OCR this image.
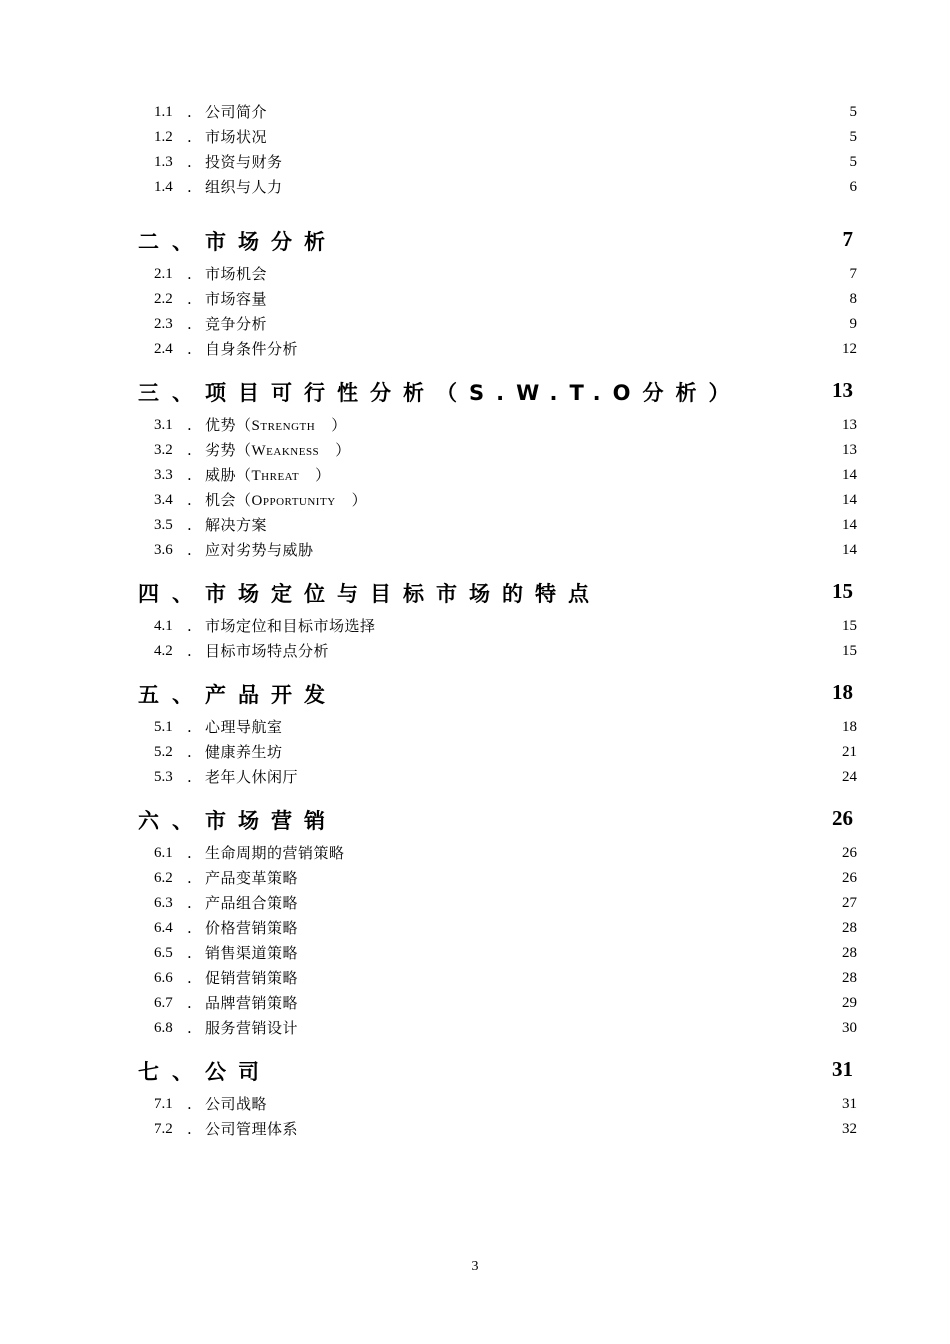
1.1 . 公司简介	5
1.2 . 市场状况	5
1.3 . 投资与财务	5
1.4 . 组织与人力	6
二、 市场分析	7
2.1 . 市场机会	7
2.2 . 市场容量	8
2.3 . 竞争分析	9
2.4 . 自身条件分析	12
三、 项目可行性分析（S.W.T.O分析）	13
3.1 . 优势（Strength ）	13
3.2 . 劣势（Weakness ）	13
3.3 . 威胁（Threat ）	14
3.4 . 机会（Opportunity ）	14
3.5 . 解决方案	14
3.6 . 应对劣势与威胁	14
四、 市场定位与目标市场的特点	15
4.1 . 市场定位和目标市场选择	15
4.2 . 目标市场特点分析	15
五、 产品开发	18
5.1 . 心理导航室	18
5.2 . 健康养生坊	21
5.3 . 老年人休闲厅	24
六、 市场营销	26
6.1 . 生命周期的营销策略	26
6.2 . 产品变革策略	26
6.3 . 产品组合策略	27
6.4 . 价格营销策略	28
6.5 . 销售渠道策略	28
6.6 . 促销营销策略	28
6.7 . 品牌营销策略	29
6.8 . 服务营销设计	30
七、 公司	31
7.1 . 公司战略	31
7.2 . 公司管理体系	32
3
